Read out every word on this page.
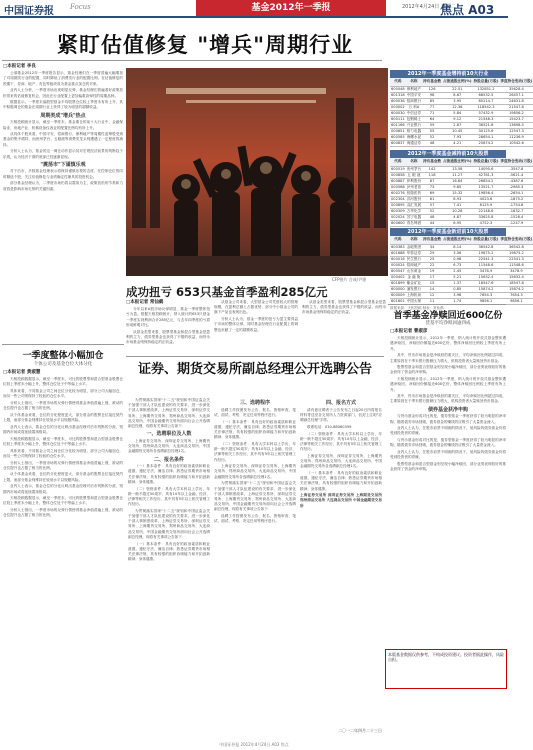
中国证券报 Focus	基金2012年一季报	2012年4月24日 星期二
焦点 A03
紧盯估值修复 "增兵"周期行业
□本报记者 李良

公募基金2012年一季度报告显示，基金经理们在一季度普遍大幅增加了对周期类行业的配置，同时降低了消费类行业的配置比例。在估值修复的预期下，券商、地产、有色等板块成为基金重点加仓的对象。

业内人士分析，一季度市场出现明显反弹，基金经理们普遍看好政策放松带来的估值修复机会，因此在行业配置上更加偏重高弹性的周期品种。

数据显示，一季度末偏股型基金平均股票仓位较上季度末有所上升，其中积极调仓的基金在周期行业上获得了较为明显的超额收益。

周期类成"增兵"热点

天相投顾统计显示，截至一季度末，基金重仓的前十大行业中，金融保险业、房地产业、机械设备仪表业的配置比例均有所上升。

从具体个股来看，中国平安、招商银行、保利地产等周期性蓝筹股受到基金的集中增持，而贵州茅台、五粮液等消费类龙头则遭遇了一定程度的减持。

分析人士认为，基金的这一调仓动作显示其对宏观经济前景的判断趋于乐观，认为经济下滑的底部已经逐渐显现。

"震荡市"下谨慎乐观

对于后市，多数基金经理表示将保持谨慎乐观的态度，在控制仓位的同时精选个股，关注估值修复与业绩确定性兼具的投资机会。

部分基金经理认为，二季度市场仍将以震荡为主，政策放松的节奏和力度将是影响市场走势的关键因素。

CFP图片 合成/尹建
成功扭亏 653只基金首季盈利285亿元
□本报记者 常仙鹤

今年以来A股市场反弹明显，基金一季度整体扭亏为盈。根据天相投顾统计，纳入统计的653只基金一季度实现利润合计285亿元，与去年四季度的亏损形成鲜明对比。

从基金类型来看，股票型基金和混合型基金是盈利的主力，债券型基金也获得了不错的收益，而货币市场基金则保持稳定的正收益。

从基金公司来看，大型基金公司凭借较大的管理规模，在盈利总额上占据优势；部分中小基金公司的旗下产品也表现出色。

分析人士认为，基金一季度的扭亏为盈主要得益于市场的整体反弹，同时基金经理在行业配置上的调整也贡献了一定的超额收益。

从基金类型来看，股票型基金和混合型基金是盈利的主力，债券型基金也获得了不错的收益，而货币市场基金则保持稳定的正收益。

2012年一季度基金增持前10大行业
代码	名称	持有基金数	占流通股比例(%)	持股总量(万股)	季度持仓变动(万股)
600048	保利地产	126	22.51	132851.2	35628.4
601318	中国平安	98	8.67	68532.5	26457.1
600036	招商银行	85	3.95	85214.7	24631.8
000002	万 科A	77	12.36	118542.3	21547.6
600030	中信证券	71	5.84	57432.9	19856.2
600111	包钢稀土	64	9.12	21548.3	15423.7
601166	兴业银行	59	2.87	36521.8	13698.5
000651	格力电器	55	10.45	30125.6	12547.3
600585	海螺水泥	52	7.93	28654.1	11236.9
600837	海通证券	48	4.21	25874.2	10542.6
2012年一季度基金减持前10大股票
代码	名称	持有基金数	占流通股比例(%)	持股总量(万股)	季度持仓变动(万股)
600519	贵州茅台	142	13.58	14095.6	-3547.8
000858	五 粮 液	118	11.27	42781.3	-5621.4
600887	伊利股份	87	16.84	26854.2	-4387.6
000568	泸州老窖	73	9.65	13521.7	-2985.3
600276	恒瑞医药	69	15.32	19856.4	-2654.1
002304	洋河股份	61	8.93	4023.6	-1875.2
000895	双汇发展	57	7.41	8125.9	-1754.8
600309	万华化学	52	10.28	22148.6	-1632.7
002024	苏宁电器	48	4.87	33625.8	-1528.4
600600	青岛啤酒	44	6.95	4752.3	-1247.9
2012年一季度基金新进前10大股票
代码	名称	持有基金数	占流通股比例(%)	持股总量(万股)	季度持仓变动(万股)
600383	金地集团	34	8.14	36542.8	36542.8
601688	华泰证券	29	3.56	19875.2	19875.2
600016	民生银行	25	0.98	22541.3	22541.3
000024	招商地产	22	6.73	11548.6	11548.6
600547	山东黄金	19	2.45	3478.9	3478.9
000402	金 融 街	17	5.21	15632.4	15632.4
601899	紫金矿业	15	1.37	18547.6	18547.6
600000	浦发银行	14	0.85	15874.2	15874.2
600009	上海机场	12	3.98	7654.3	7654.3
601601	中国太保	11	1.74	9856.1	9856.1
数据来源：天相投顾 制表：常仙鹤
一季度整体小幅加仓
个体公司及基金仓位大体分化
□本报记者 黄淑慧

天相投顾数据显示，截至一季度末，可比的股票型和混合型基金股票仓位较上季度末小幅上升，整体仓位处于中等偏上水平。

具体来看，不同基金公司之间仓位分化较为明显，部分公司大幅加仓，而另一些公司则保持了较低的仓位水平。

分析人士指出，一季度市场的反弹行情使得基金净值普遍上涨，被动的仓位提升也占据了相当的比例。

从个体基金来看，仓位的分化程度更大，部分基金的股票仓位接近契约上限，而部分基金则维持在较低水平以规避风险。

业内人士表示，基金仓位的分化反映出基金经理对后市判断的分歧，短期内市场或将延续震荡格局。

天相投顾数据显示，截至一季度末，可比的股票型和混合型基金股票仓位较上季度末小幅上升，整体仓位处于中等偏上水平。

具体来看，不同基金公司之间仓位分化较为明显，部分公司大幅加仓，而另一些公司则保持了较低的仓位水平。

分析人士指出，一季度市场的反弹行情使得基金净值普遍上涨，被动的仓位提升也占据了相当的比例。

从个体基金来看，仓位的分化程度更大，部分基金的股票仓位接近契约上限，而部分基金则维持在较低水平以规避风险。

业内人士表示，基金仓位的分化反映出基金经理对后市判断的分歧，短期内市场或将延续震荡格局。

天相投顾数据显示，截至一季度末，可比的股票型和混合型基金股票仓位较上季度末小幅上升，整体仓位处于中等偏上水平。

分析人士指出，一季度市场的反弹行情使得基金净值普遍上涨，被动的仓位提升也占据了相当的比例。

证券、期货交易所副总经理公开选聘公告

为贯彻落实国家"十二五"规划和中国证监会关于加强干部人才队伍建设的有关要求，进一步深化干部人事制度改革，上海证券交易所、深圳证券交易所、上海期货交易所、郑州商品交易所、大连商品交易所、中国金融期货交易所面向社会公开选聘副总经理，现将有关事项公告如下：

一、选聘职位及人数

上海证券交易所、深圳证券交易所、上海期货交易所、郑州商品交易所、大连商品交易所、中国金融期货交易所各选聘副总经理1名。

二、报名条件

（一）基本条件：具有良好的政治素质和职业道德，遵纪守法，廉洁自律；熟悉证券期货市场相关法律法规，具有较强的组织协调能力和开拓创新精神；身体健康。

（二）资格条件：具有大学本科以上学历，年龄一般不超过50周岁；具有10年以上金融、经济、法律等相关工作经历，其中具有5年以上相关管理工作经历。

为贯彻落实国家"十二五"规划和中国证监会关于加强干部人才队伍建设的有关要求，进一步深化干部人事制度改革，上海证券交易所、深圳证券交易所、上海期货交易所、郑州商品交易所、大连商品交易所、中国金融期货交易所面向社会公开选聘副总经理，现将有关事项公告如下：

（一）基本条件：具有良好的政治素质和职业道德，遵纪守法，廉洁自律；熟悉证券期货市场相关法律法规，具有较强的组织协调能力和开拓创新精神；身体健康。

三、选聘程序

选聘工作按照发布公告、报名、资格审查、笔试、面试、考察、决定任用等程序进行。

（一）基本条件：具有良好的政治素质和职业道德，遵纪守法，廉洁自律；熟悉证券期货市场相关法律法规，具有较强的组织协调能力和开拓创新精神；身体健康。

（二）资格条件：具有大学本科以上学历，年龄一般不超过50周岁；具有10年以上金融、经济、法律等相关工作经历，其中具有5年以上相关管理工作经历。

上海证券交易所、深圳证券交易所、上海期货交易所、郑州商品交易所、大连商品交易所、中国金融期货交易所各选聘副总经理1名。

为贯彻落实国家"十二五"规划和中国证监会关于加强干部人才队伍建设的有关要求，进一步深化干部人事制度改革，上海证券交易所、深圳证券交易所、上海期货交易所、郑州商品交易所、大连商品交易所、中国金融期货交易所面向社会公开选聘副总经理，现将有关事项公告如下：

选聘工作按照发布公告、报名、资格审查、笔试、面试、考察、决定任用等程序进行。

四、报名方式

请有意应聘者于公告发布之日起20日内将报名材料寄送至各交易所人力资源部门，信封上注明"应聘副总经理"字样。

联系电话：010-88060399

（二）资格条件：具有大学本科以上学历，年龄一般不超过50周岁；具有10年以上金融、经济、法律等相关工作经历，其中具有5年以上相关管理工作经历。

上海证券交易所、深圳证券交易所、上海期货交易所、郑州商品交易所、大连商品交易所、中国金融期货交易所各选聘副总经理1名。

（一）基本条件：具有良好的政治素质和职业道德，遵纪守法，廉洁自律；熟悉证券期货市场相关法律法规，具有较强的组织协调能力和开拓创新精神；身体健康。

上海证券交易所 深圳证券交易所 上海期货交易所 郑州商品交易所 大连商品交易所 中国金融期货交易所

二〇一二年四月二十三日
首季基金净赎回近600亿份
货基平均净赎回逾四成
□本报记者 曹淑彦

天相投顾统计显示，2012年一季度，纳入统计的开放式基金整体遭遇净赎回，净赎回份额接近600亿份，整体净赎回比例较上季度有所上升。

其中，货币市场基金是净赎回的重灾区，平均净赎回比例超过四成，主要原因在于季末银行揽储压力增大，机构投资者大量赎回货币基金。

股票型基金和混合型基金则呈现小幅净赎回，部分业绩表现较好的基金获得了资金的净申购。

天相投顾统计显示，2012年一季度，纳入统计的开放式基金整体遭遇净赎回，净赎回份额接近600亿份，整体净赎回比例较上季度有所上升。

其中，货币市场基金是净赎回的重灾区，平均净赎回比例超过四成，主要原因在于季末银行揽储压力增大，机构投资者大量赎回货币基金。

债券基金获净申购

与货币基金形成对比的是，债券型基金一季度获得了较为明显的净申购，随着债券市场回暖，债券基金的赚钱效应吸引了大量资金流入。

业内人士认为，在股市前景不明朗的情况下，低风险的债券基金仍将受到投资者的青睐。

与货币基金形成对比的是，债券型基金一季度获得了较为明显的净申购，随着债券市场回暖，债券基金的赚钱效应吸引了大量资金流入。

业内人士认为，在股市前景不明朗的情况下，低风险的债券基金仍将受到投资者的青睐。

股票型基金和混合型基金则呈现小幅净赎回，部分业绩表现较好的基金获得了资金的净申购。

本版基金数据仅供参考，不构成投资建议。投资者据此操作，风险自担。
中国证券报 2012年4月24日 A03 焦点
